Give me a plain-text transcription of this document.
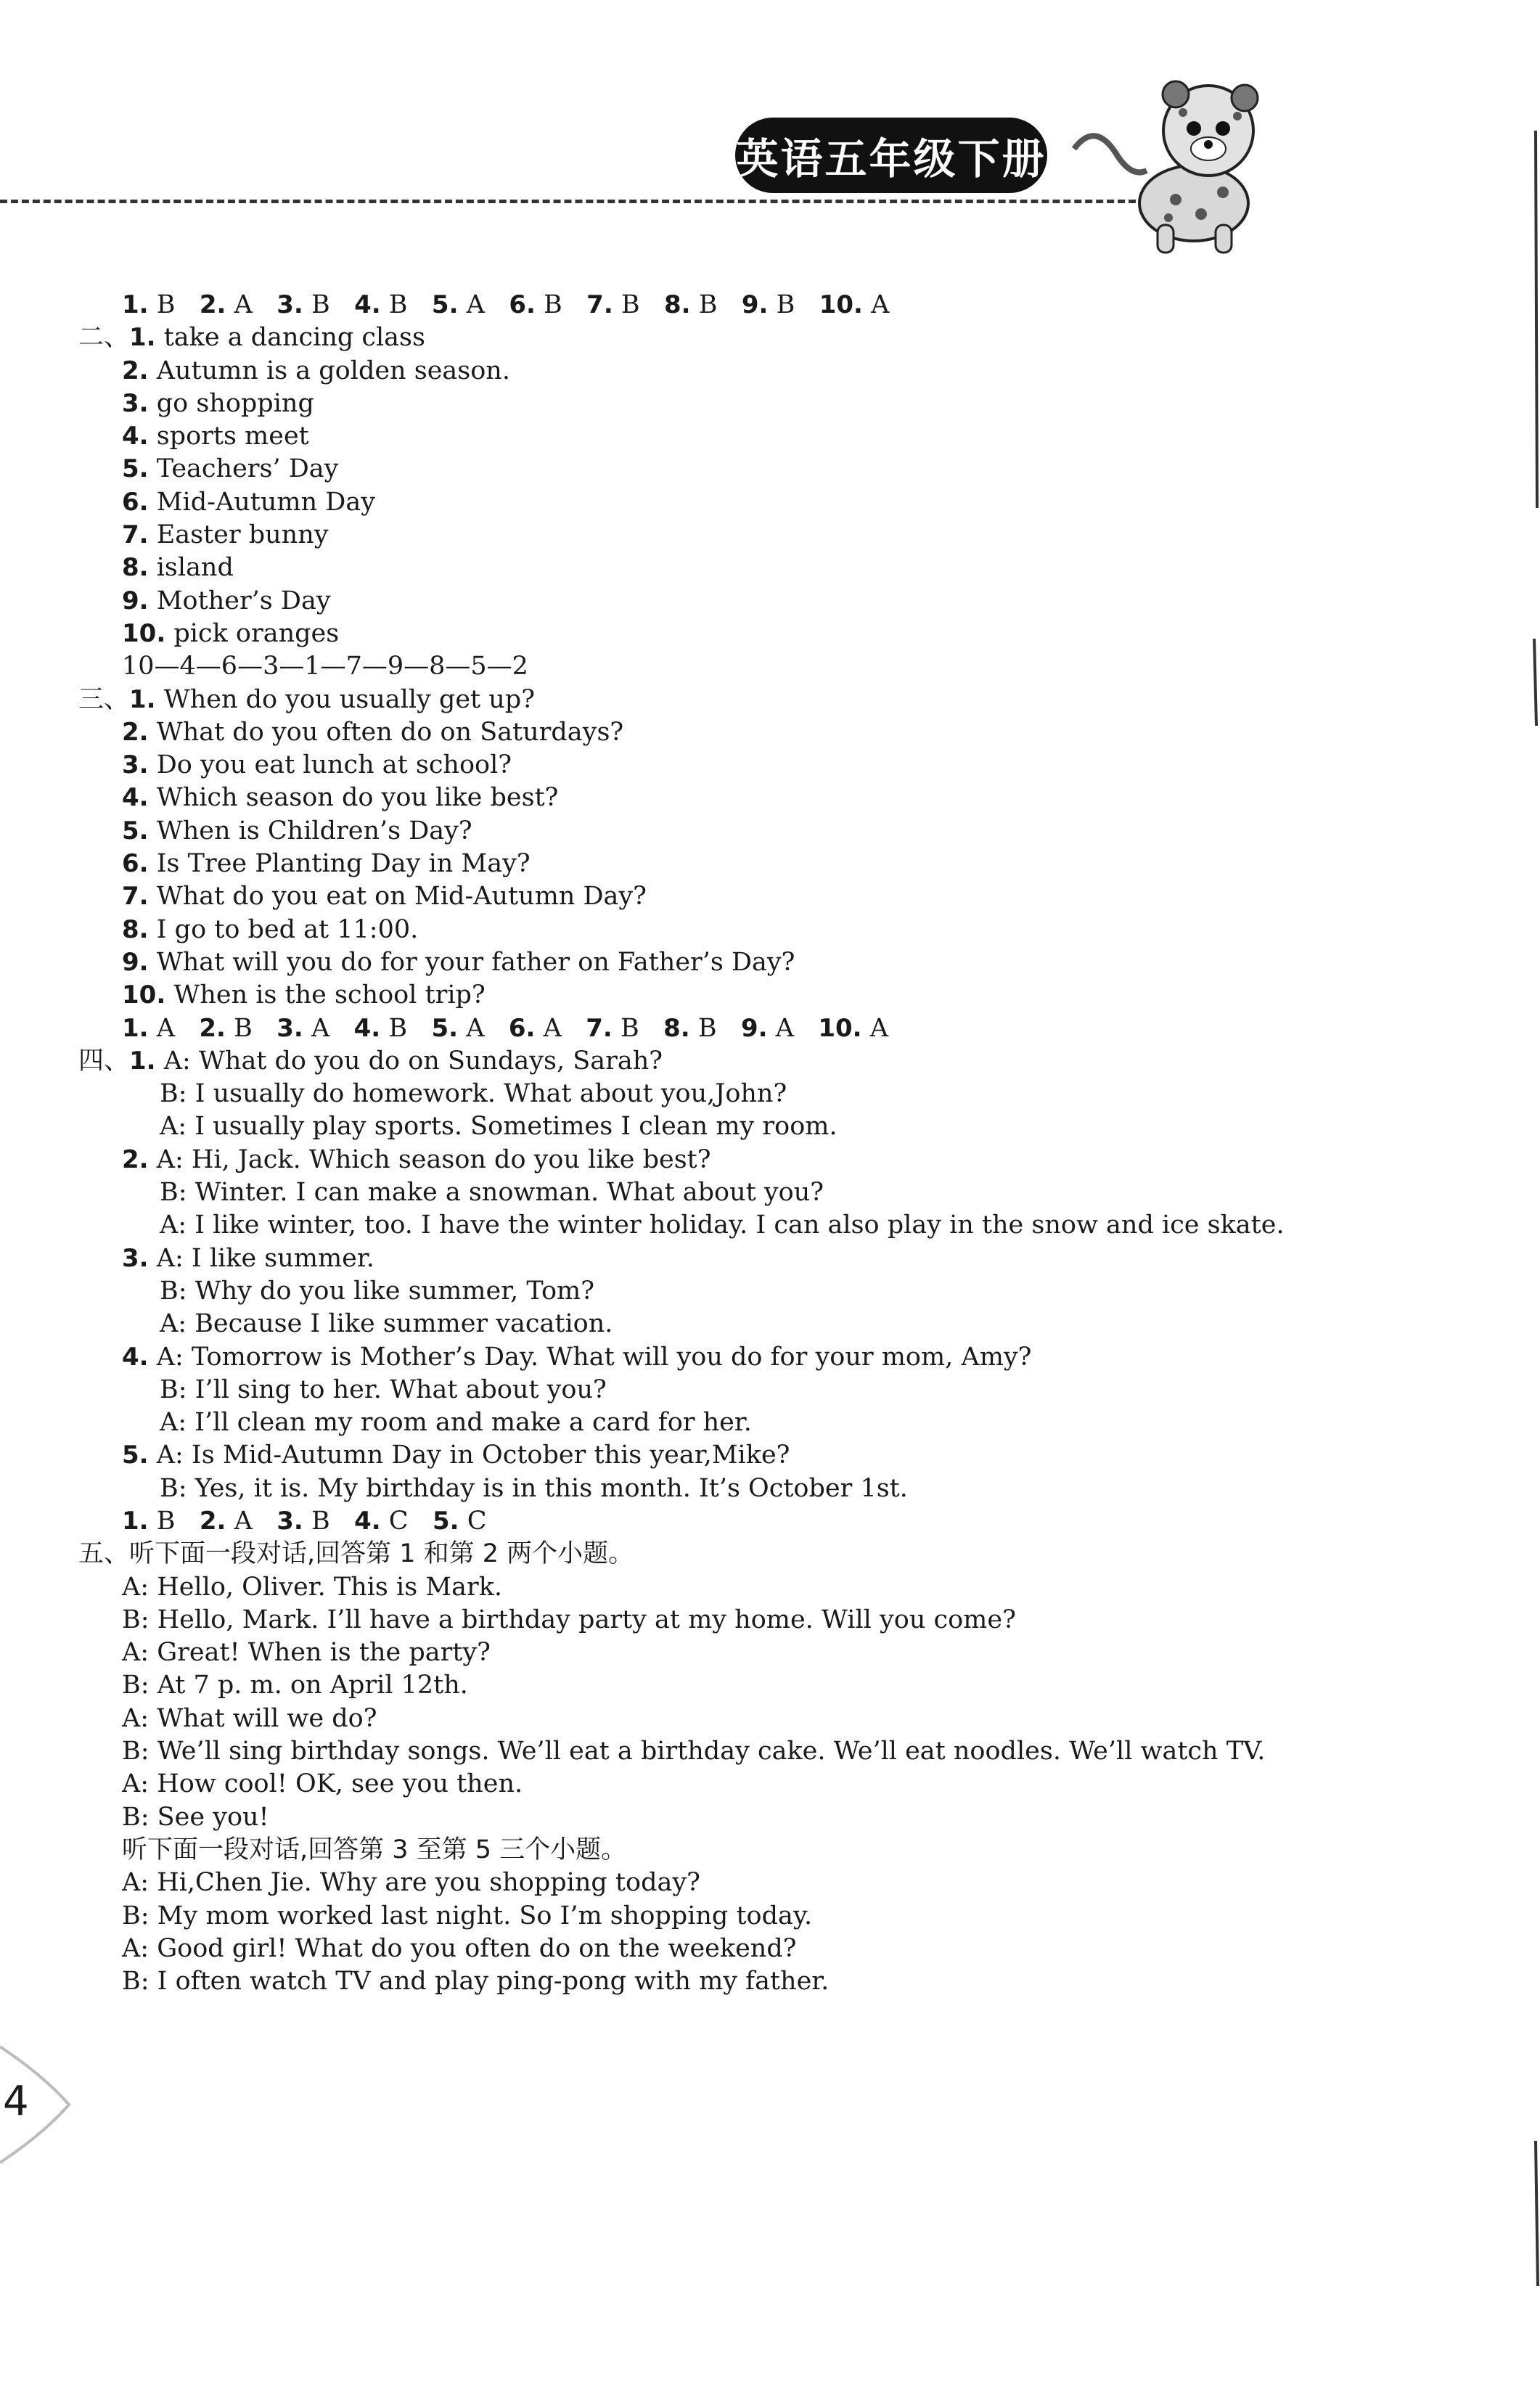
英语五年级下册
1. B 2. A 3. B 4. B 5. A 6. B 7. B 8. B 9. B 10. A
二、1. take a dancing class
2. Autumn is a golden season.
3. go shopping
4. sports meet
5. Teachers’ Day
6. Mid-Autumn Day
7. Easter bunny
8. island
9. Mother’s Day
10. pick oranges
10—4—6—3—1—7—9—8—5—2
三、1. When do you usually get up?
2. What do you often do on Saturdays?
3. Do you eat lunch at school?
4. Which season do you like best?
5. When is Children’s Day?
6. Is Tree Planting Day in May?
7. What do you eat on Mid-Autumn Day?
8. I go to bed at 11:00.
9. What will you do for your father on Father’s Day?
10. When is the school trip?
1. A 2. B 3. A 4. B 5. A 6. A 7. B 8. B 9. A 10. A
四、1. A: What do you do on Sundays, Sarah?
B: I usually do homework. What about you,John?
A: I usually play sports. Sometimes I clean my room.
2. A: Hi, Jack. Which season do you like best?
B: Winter. I can make a snowman. What about you?
A: I like winter, too. I have the winter holiday. I can also play in the snow and ice skate.
3. A: I like summer.
B: Why do you like summer, Tom?
A: Because I like summer vacation.
4. A: Tomorrow is Mother’s Day. What will you do for your mom, Amy?
B: I’ll sing to her. What about you?
A: I’ll clean my room and make a card for her.
5. A: Is Mid-Autumn Day in October this year,Mike?
B: Yes, it is. My birthday is in this month. It’s October 1st.
1. B 2. A 3. B 4. C 5. C
五、听下面一段对话,回答第 1 和第 2 两个小题。
A: Hello, Oliver. This is Mark.
B: Hello, Mark. I’ll have a birthday party at my home. Will you come?
A: Great! When is the party?
B: At 7 p. m. on April 12th.
A: What will we do?
B: We’ll sing birthday songs. We’ll eat a birthday cake. We’ll eat noodles. We’ll watch TV.
A: How cool! OK, see you then.
B: See you!
听下面一段对话,回答第 3 至第 5 三个小题。
A: Hi,Chen Jie. Why are you shopping today?
B: My mom worked last night. So I’m shopping today.
A: Good girl! What do you often do on the weekend?
B: I often watch TV and play ping-pong with my father.
4
